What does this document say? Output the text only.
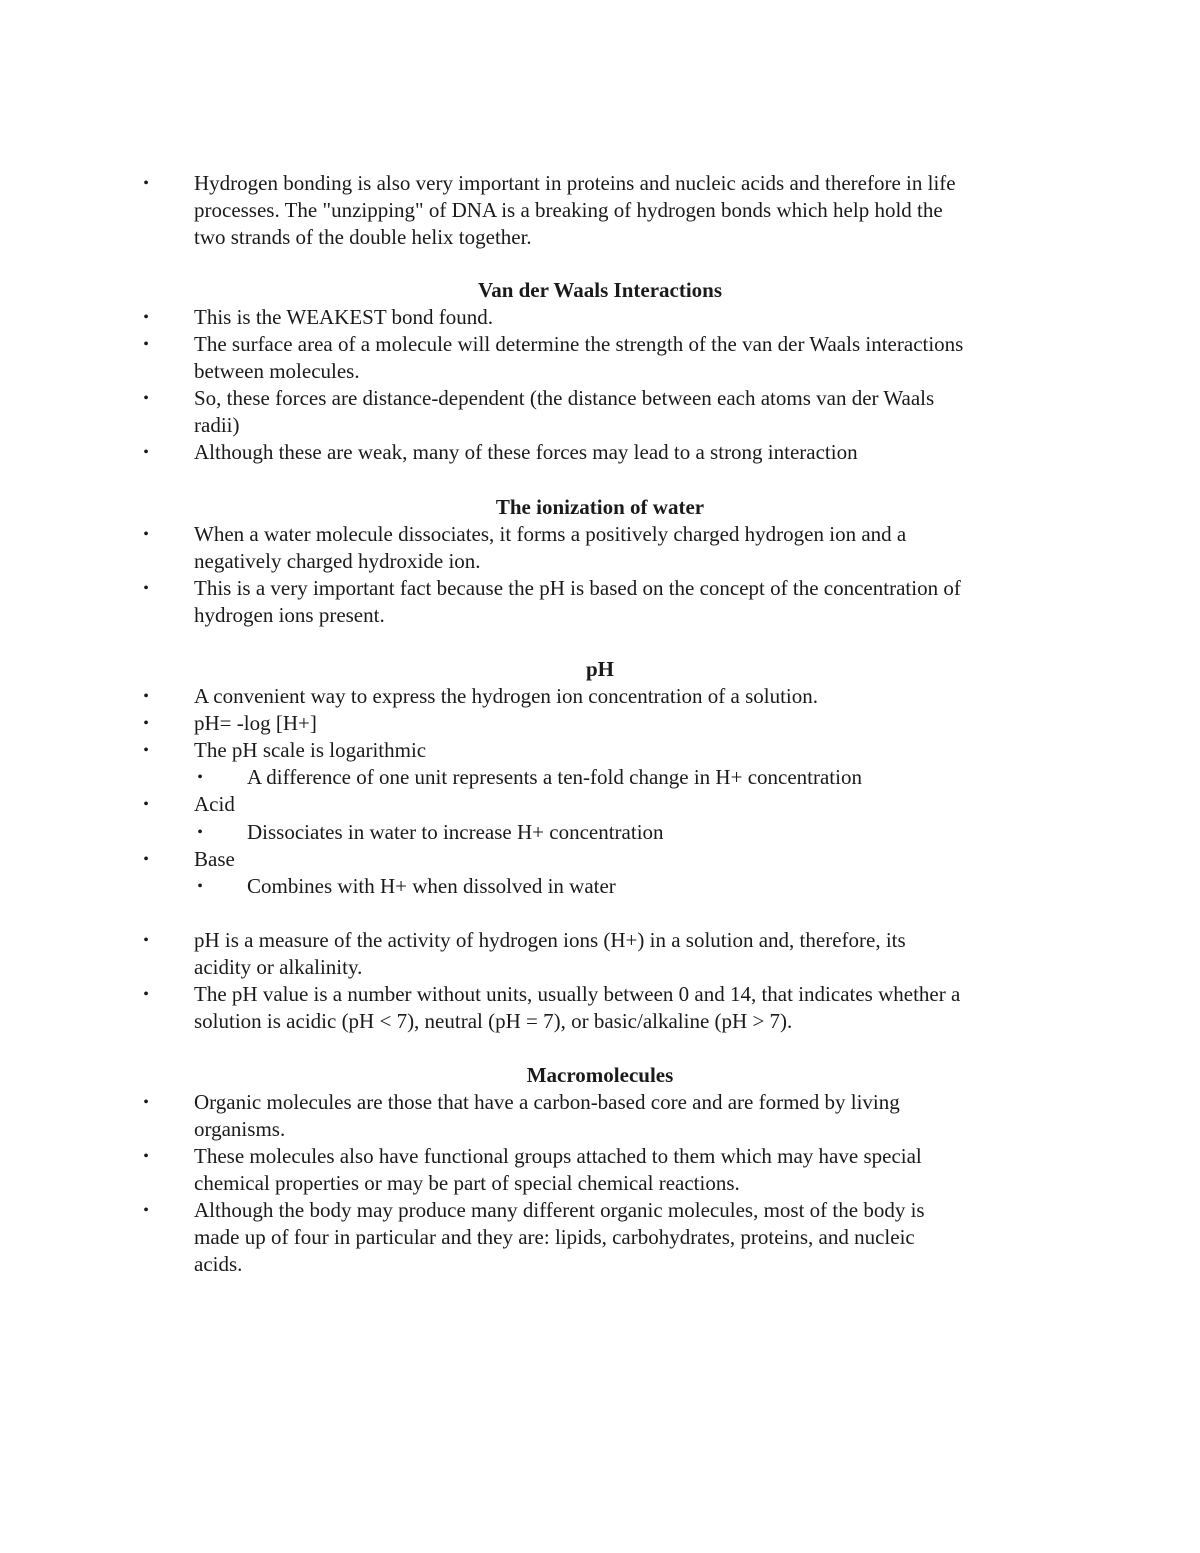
• Hydrogen bonding is also very important in proteins and nucleic acids and therefore in life

processes. The "unzipping" of DNA is a breaking of hydrogen bonds which help hold the

two strands of the double helix together.

Van der Waals Interactions
• This is the WEAKEST bond found.

• The surface area of a molecule will determine the strength of the van der Waals interactions

between molecules.

• So, these forces are distance-dependent (the distance between each atoms van der Waals

radii)

• Although these are weak, many of these forces may lead to a strong interaction

The ionization of water
• When a water molecule dissociates, it forms a positively charged hydrogen ion and a

negatively charged hydroxide ion.

• This is a very important fact because the pH is based on the concept of the concentration of

hydrogen ions present.

pH
• A convenient way to express the hydrogen ion concentration of a solution.

• pH= -log [H+]

• The pH scale is logarithmic

• A difference of one unit represents a ten-fold change in H+ concentration

• Acid

• Dissociates in water to increase H+ concentration

• Base

• Combines with H+ when dissolved in water

• pH is a measure of the activity of hydrogen ions (H+) in a solution and, therefore, its

acidity or alkalinity.

• The pH value is a number without units, usually between 0 and 14, that indicates whether a

solution is acidic (pH < 7), neutral (pH = 7), or basic/alkaline (pH > 7).

Macromolecules
• Organic molecules are those that have a carbon-based core and are formed by living

organisms.

• These molecules also have functional groups attached to them which may have special

chemical properties or may be part of special chemical reactions.

• Although the body may produce many different organic molecules, most of the body is

made up of four in particular and they are: lipids, carbohydrates, proteins, and nucleic

acids.
